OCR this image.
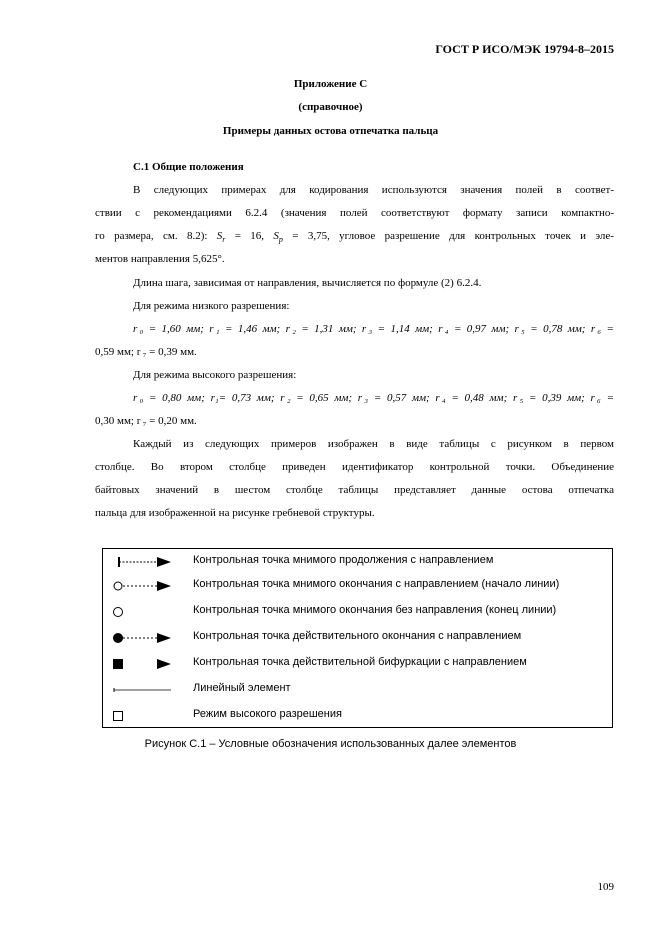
ГОСТ Р ИСО/МЭК 19794-8–2015
Приложение С
(справочное)
Примеры данных остова отпечатка пальца
С.1 Общие положения
В следующих примерах для кодирования используются значения полей в соответ-
ствии с рекомендациями 6.2.4 (значения полей соответствуют формату записи компактно-
го размера, см. 8.2): $S_r = 16$, $S_p = 3,75$, угловое разрешение для контрольных точек и эле-
ментов направления 5,625°.
Длина шага, зависимая от направления, вычисляется по формуле (2) 6.2.4.
Для режима низкого разрешения:
r ₀ = 1,60 мм; r ₁ = 1,46 мм; r ₂ = 1,31 мм; r ₃ = 1,14 мм; r ₄ = 0,97 мм; r ₅ = 0,78 мм; r ₆ =
0,59 мм; r ₇ = 0,39 мм.
Для режима высокого разрешения:
r ₀ = 0,80 мм; r₁= 0,73 мм; r ₂ = 0,65 мм; r ₃ = 0,57 мм; r ₄ = 0,48 мм; r ₅ = 0,39 мм; r ₆ =
0,30 мм; r ₇ = 0,20 мм.
Каждый из следующих примеров изображен в виде таблицы с рисунком в первом
столбце. Во втором столбце приведен идентификатор контрольной точки. Объединение
байтовых значений в шестом столбце таблицы представляет данные остова отпечатка
пальца для изображенной на рисунке гребневой структуры.
Контрольная точка мнимого продолжения с направлением
Контрольная точка мнимого окончания с направлением (начало линии)
Контрольная точка мнимого окончания без направления (конец линии)
Контрольная точка действительного окончания с направлением
Контрольная точка действительной бифуркации с направлением
Линейный элемент
Режим высокого разрешения
Рисунок С.1 – Условные обозначения использованных далее элементов
109
